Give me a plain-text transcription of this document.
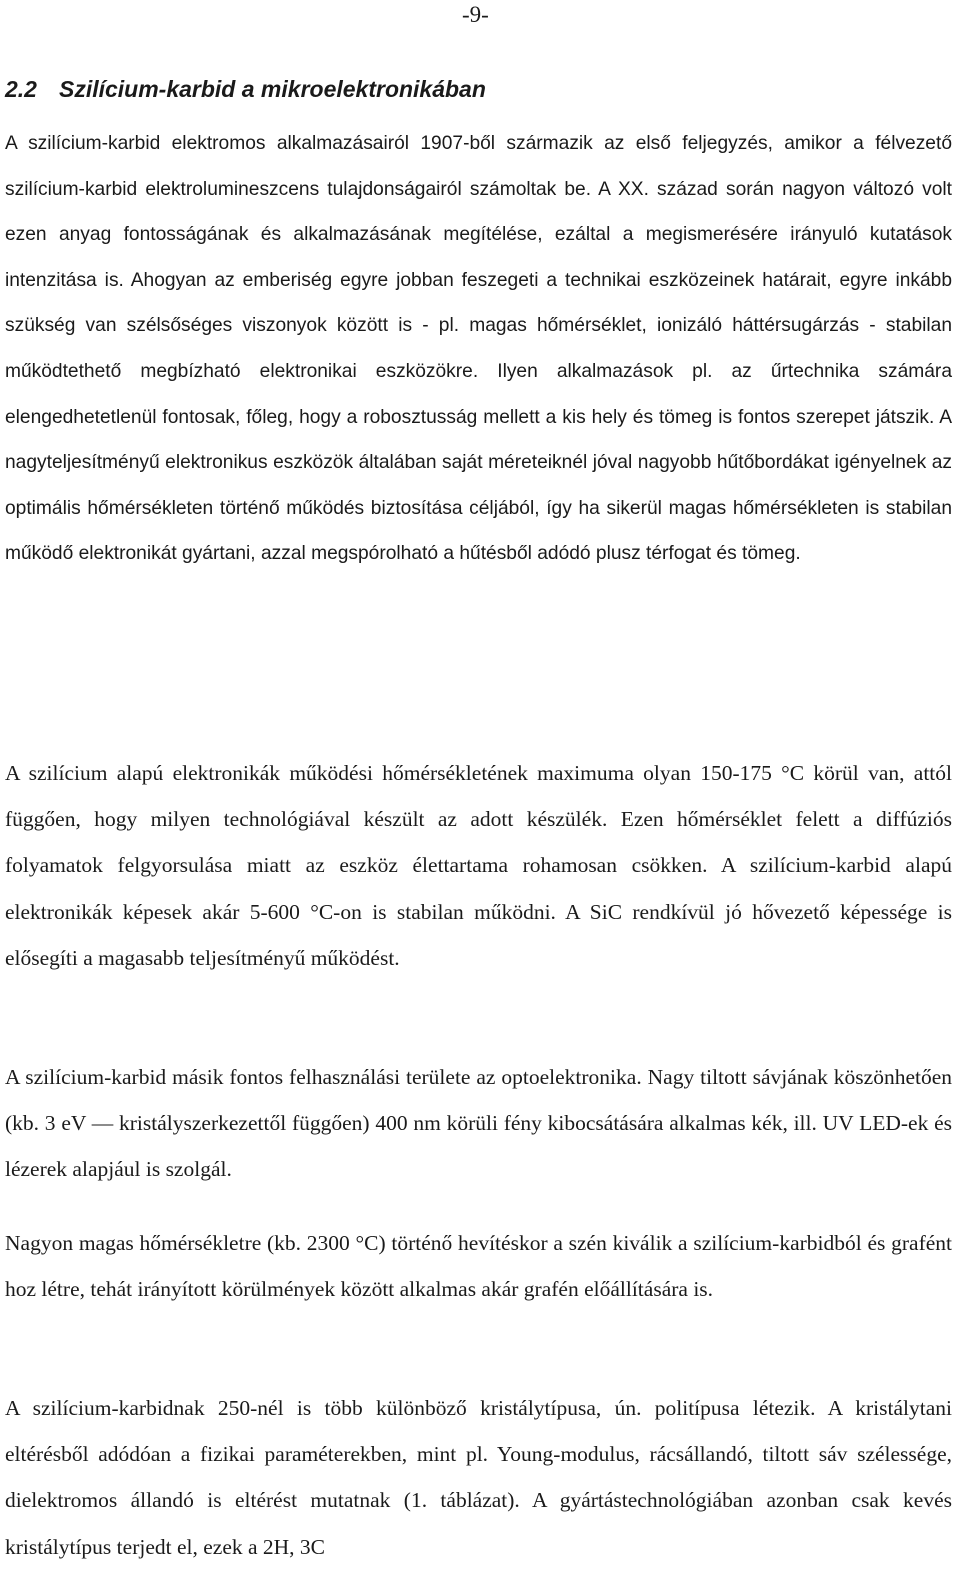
-9-
2.2 Szilícium-karbid a mikroelektronikában

A szilícium-karbid elektromos alkalmazásairól 1907-ből származik az első feljegyzés, amikor a félvezető szilícium-karbid elektrolumineszcens tulajdonságairól számoltak be. A XX. század során nagyon változó volt ezen anyag fontosságának és alkalmazásának megítélése, ezáltal a megismerésére irányuló kutatások intenzitása is. Ahogyan az emberiség egyre jobban feszegeti a technikai eszközeinek határait, egyre inkább szükség van szélsőséges viszonyok között is - pl. magas hőmérséklet, ionizáló háttérsugárzás - stabilan működtethető megbízható elektronikai eszközökre. Ilyen alkalmazások pl. az űrtechnika számára elengedhetetlenül fontosak, főleg, hogy a robosztusság mellett a kis hely és tömeg is fontos szerepet játszik. A nagyteljesítményű elektronikus eszközök általában saját méreteiknél jóval nagyobb hűtőbordákat igényelnek az optimális hőmérsékleten történő működés biztosítása céljából, így ha sikerül magas hőmérsékleten is stabilan működő elektronikát gyártani, azzal megspórolható a hűtésből adódó plusz térfogat és tömeg.

A szilícium alapú elektronikák működési hőmérsékletének maximuma olyan 150-175 °C körül van, attól függően, hogy milyen technológiával készült az adott készülék. Ezen hőmérséklet felett a diffúziós folyamatok felgyorsulása miatt az eszköz élettartama rohamosan csökken. A szilícium-karbid alapú elektronikák képesek akár 5-600 °C-on is stabilan működni. A SiC rendkívül jó hővezető képessége is elősegíti a magasabb teljesítményű működést.

A szilícium-karbid másik fontos felhasználási területe az optoelektronika. Nagy tiltott sávjának köszönhetően (kb. 3 eV — kristályszerkezettől függően) 400 nm körüli fény kibocsátására alkalmas kék, ill. UV LED-ek és lézerek alapjául is szolgál.

Nagyon magas hőmérsékletre (kb. 2300 °C) történő hevítéskor a szén kiválik a szilícium-karbidból és grafént hoz létre, tehát irányított körülmények között alkalmas akár grafén előállítására is.

A szilícium-karbidnak 250-nél is több különböző kristálytípusa, ún. politípusa létezik. A kristálytani eltérésből adódóan a fizikai paraméterekben, mint pl. Young-modulus, rácsállandó, tiltott sáv szélessége, dielektromos állandó is eltérést mutatnak (1. táblázat). A gyártástechnológiában azonban csak kevés kristálytípus terjedt el, ezek a 2H, 3C
